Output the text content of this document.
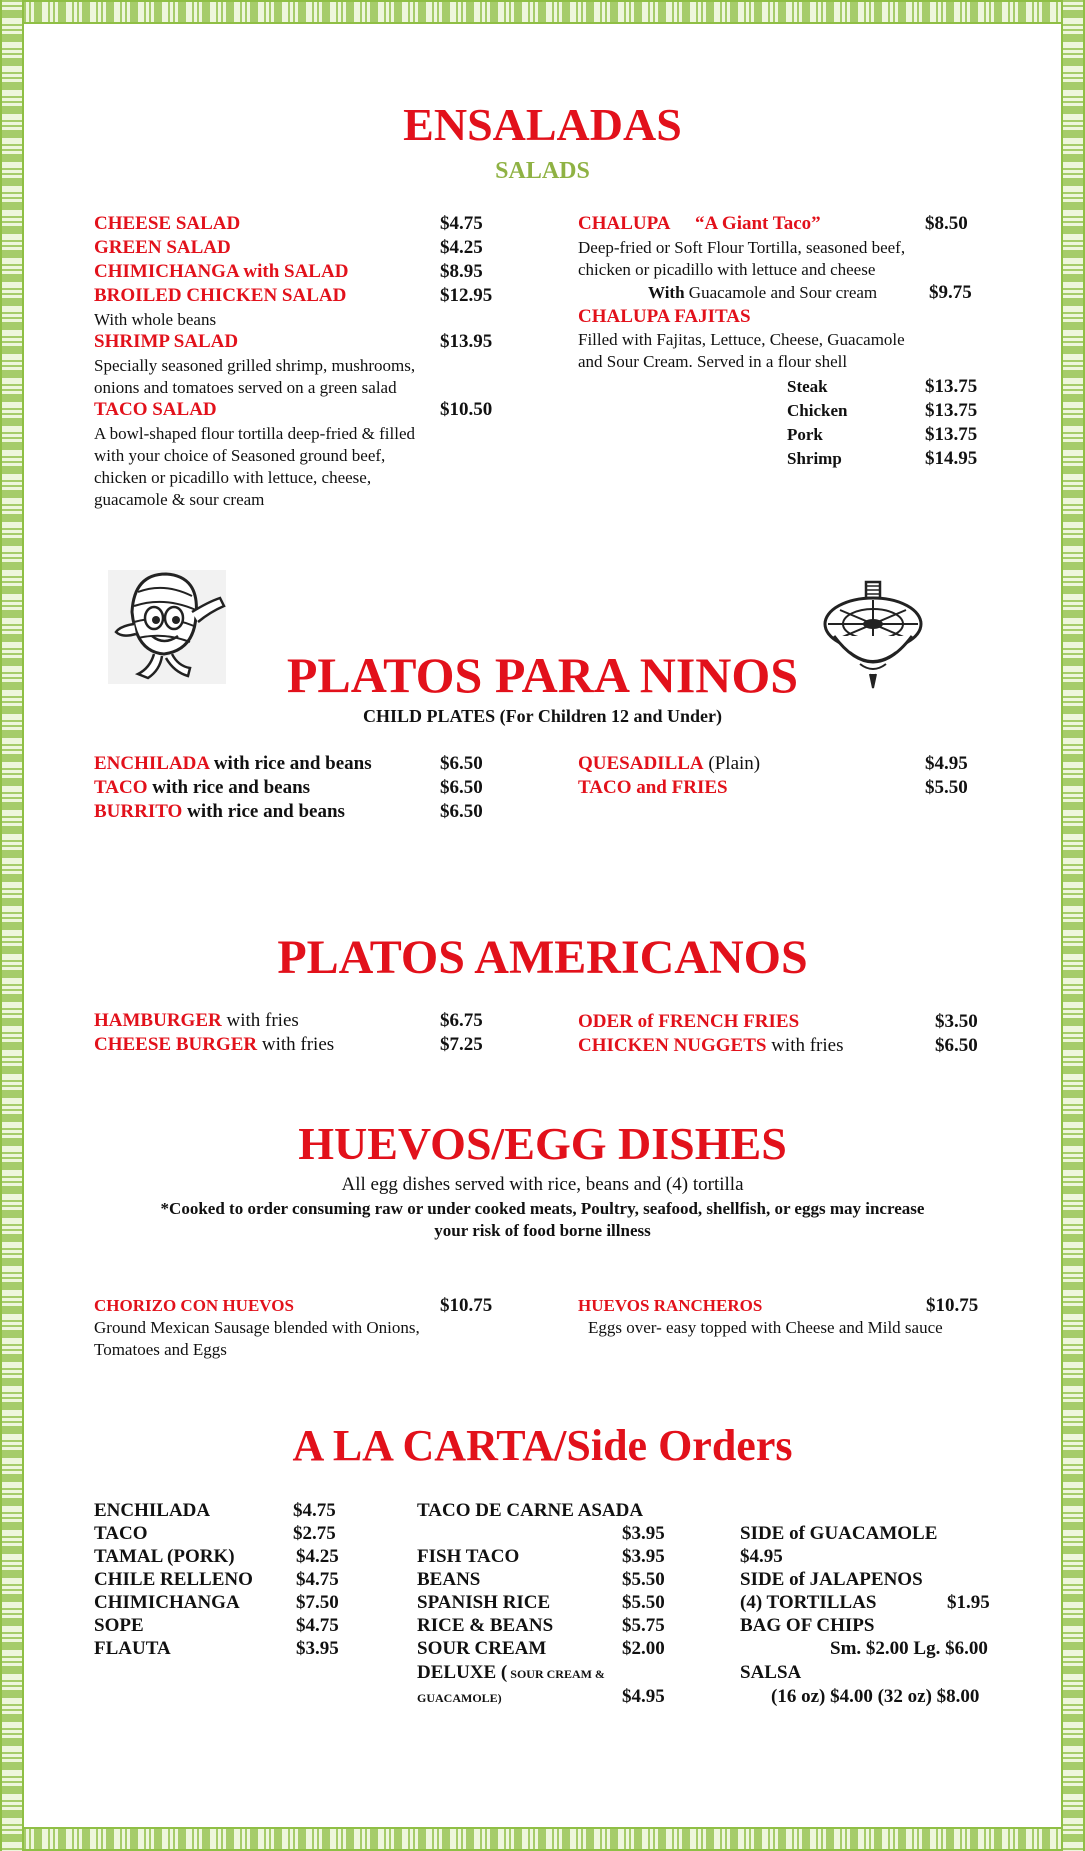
ENSALADAS
SALADS
CHEESE SALAD	$4.75
GREEN SALAD	$4.25
CHIMICHANGA with SALAD	$8.95
BROILED CHICKEN SALAD	$12.95
With whole beans
SHRIMP SALAD	$13.95
Specially seasoned grilled shrimp, mushrooms,
onions and tomatoes served on a green salad
TACO SALAD	$10.50
A bowl-shaped flour tortilla deep-fried & filled
with your choice of Seasoned ground beef,
chicken or picadillo with lettuce, cheese,
guacamole & sour cream
CHALUPA “A Giant Taco”	$8.50
Deep-fried or Soft Flour Tortilla, seasoned beef,
chicken or picadillo with lettuce and cheese
With Guacamole and Sour cream	$9.75
CHALUPA FAJITAS
Filled with Fajitas, Lettuce, Cheese, Guacamole
and Sour Cream. Served in a flour shell
Steak	$13.75
Chicken	$13.75
Pork	$13.75
Shrimp	$14.95
PLATOS PARA NINOS
CHILD PLATES (For Children 12 and Under)
ENCHILADA with rice and beans	$6.50
TACO with rice and beans	$6.50
BURRITO with rice and beans	$6.50
QUESADILLA (Plain)	$4.95
TACO and FRIES	$5.50
PLATOS AMERICANOS
HAMBURGER with fries	$6.75
CHEESE BURGER with fries	$7.25
ODER of FRENCH FRIES	$3.50
CHICKEN NUGGETS with fries	$6.50
HUEVOS/EGG DISHES
All egg dishes served with rice, beans and (4) tortilla
*Cooked to order consuming raw or under cooked meats, Poultry, seafood, shellfish, or eggs may increase
your risk of food borne illness
CHORIZO CON HUEVOS	$10.75
Ground Mexican Sausage blended with Onions,
Tomatoes and Eggs
HUEVOS RANCHEROS	$10.75
Eggs over- easy topped with Cheese and Mild sauce
A LA CARTA/Side Orders
ENCHILADA	$4.75
TACO	$2.75
TAMAL (PORK)	$4.25
CHILE RELLENO $4.75
CHIMICHANGA	$7.50
SOPE	$4.75
FLAUTA	$3.95
TACO DE CARNE ASADA
$3.95
FISH TACO	$3.95
BEANS	$5.50
SPANISH RICE	$5.50
RICE & BEANS	$5.75
SOUR CREAM	$2.00
DELUXE ( SOUR CREAM &
GUACAMOLE)	$4.95
SIDE of GUACAMOLE
$4.95
SIDE of JALAPENOS
(4) TORTILLAS	$1.95
BAG OF CHIPS
Sm. $2.00 Lg. $6.00
SALSA
(16 oz) $4.00 (32 oz) $8.00
